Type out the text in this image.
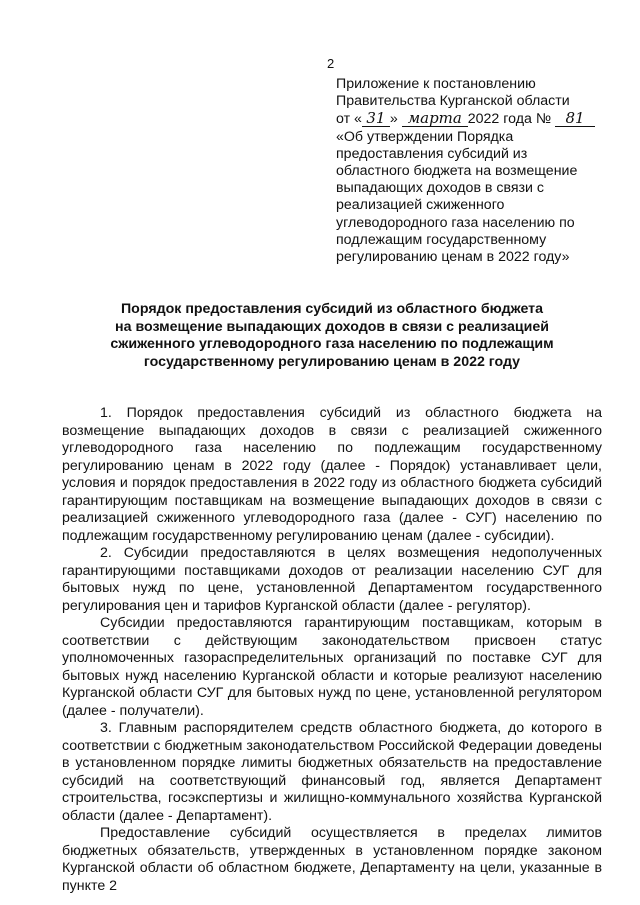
2

Приложение к постановлению

Правительства Курганской области

от « 31 » марта 2022 года № 81

«Об утверждении Порядка

предоставления субсидий из

областного бюджета на возмещение

выпадающих доходов в связи с

реализацией сжиженного

углеводородного газа населению по

подлежащим государственному

регулированию ценам в 2022 году»

Порядок предоставления субсидий из областного бюджета

на возмещение выпадающих доходов в связи с реализацией

сжиженного углеводородного газа населению по подлежащим

государственному регулированию ценам в 2022 году

1. Порядок предоставления субсидий из областного бюджета на возмещение выпадающих доходов в связи с реализацией сжиженного углеводородного газа населению по подлежащим государственному регулированию ценам в 2022 году (далее - Порядок) устанавливает цели, условия и порядок предоставления в 2022 году из областного бюджета субсидий гарантирующим поставщикам на возмещение выпадающих доходов в связи с реализацией сжиженного углеводородного газа (далее - СУГ) населению по подлежащим государственному регулированию ценам (далее - субсидии).

2. Субсидии предоставляются в целях возмещения недополученных гарантирующими поставщиками доходов от реализации населению СУГ для бытовых нужд по цене, установленной Департаментом государственного регулирования цен и тарифов Курганской области (далее - регулятор).

Субсидии предоставляются гарантирующим поставщикам, которым в соответствии с действующим законодательством присвоен статус уполномоченных газораспределительных организаций по поставке СУГ для бытовых нужд населению Курганской области и которые реализуют населению Курганской области СУГ для бытовых нужд по цене, установленной регулятором (далее - получатели).

3. Главным распорядителем средств областного бюджета, до которого в соответствии с бюджетным законодательством Российской Федерации доведены в установленном порядке лимиты бюджетных обязательств на предоставление субсидий на соответствующий финансовый год, является Департамент строительства, госэкспертизы и жилищно-коммунального хозяйства Курганской области (далее - Департамент).

Предоставление субсидий осуществляется в пределах лимитов бюджетных обязательств, утвержденных в установленном порядке законом Курганской области об областном бюджете, Департаменту на цели, указанные в пункте 2
